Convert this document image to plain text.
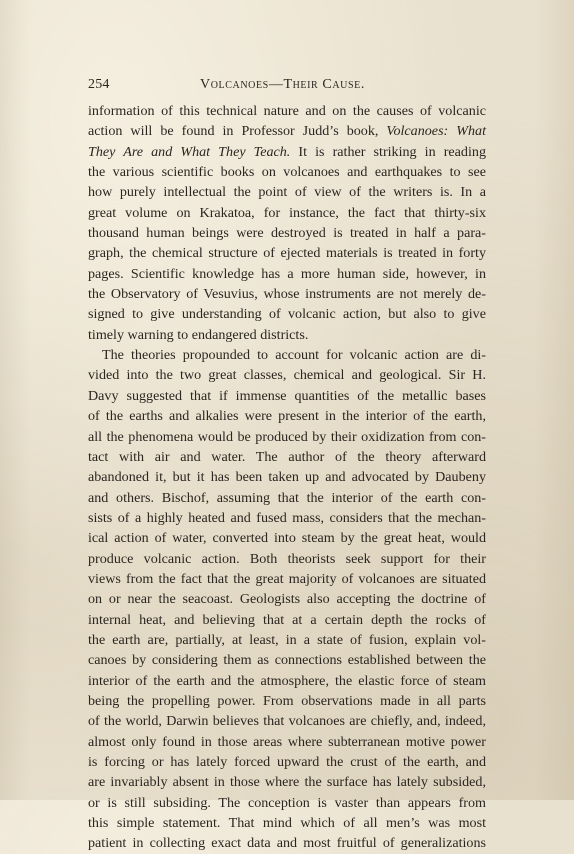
254	Volcanoes—Their Cause.
information of this technical nature and on the causes of volcanic
action will be found in Professor Judd’s book, Volcanoes: What
They Are and What They Teach. It is rather striking in reading
the various scientific books on volcanoes and earthquakes to see
how purely intellectual the point of view of the writers is. In a
great volume on Krakatoa, for instance, the fact that thirty-six
thousand human beings were destroyed is treated in half a para-
graph, the chemical structure of ejected materials is treated in forty
pages. Scientific knowledge has a more human side, however, in
the Observatory of Vesuvius, whose instruments are not merely de-
signed to give understanding of volcanic action, but also to give
timely warning to endangered districts.
The theories propounded to account for volcanic action are di-
vided into the two great classes, chemical and geological. Sir H.
Davy suggested that if immense quantities of the metallic bases
of the earths and alkalies were present in the interior of the earth,
all the phenomena would be produced by their oxidization from con-
tact with air and water. The author of the theory afterward
abandoned it, but it has been taken up and advocated by Daubeny
and others. Bischof, assuming that the interior of the earth con-
sists of a highly heated and fused mass, considers that the mechan-
ical action of water, converted into steam by the great heat, would
produce volcanic action. Both theorists seek support for their
views from the fact that the great majority of volcanoes are situated
on or near the seacoast. Geologists also accepting the doctrine of
internal heat, and believing that at a certain depth the rocks of
the earth are, partially, at least, in a state of fusion, explain vol-
canoes by considering them as connections established between the
interior of the earth and the atmosphere, the elastic force of steam
being the propelling power. From observations made in all parts
of the world, Darwin believes that volcanoes are chiefly, and, indeed,
almost only found in those areas where subterranean motive power
is forcing or has lately forced upward the crust of the earth, and
are invariably absent in those where the surface has lately subsided,
or is still subsiding. The conception is vaster than appears from
this simple statement. That mind which of all men’s was most
patient in collecting exact data and most fruitful of generalizations
